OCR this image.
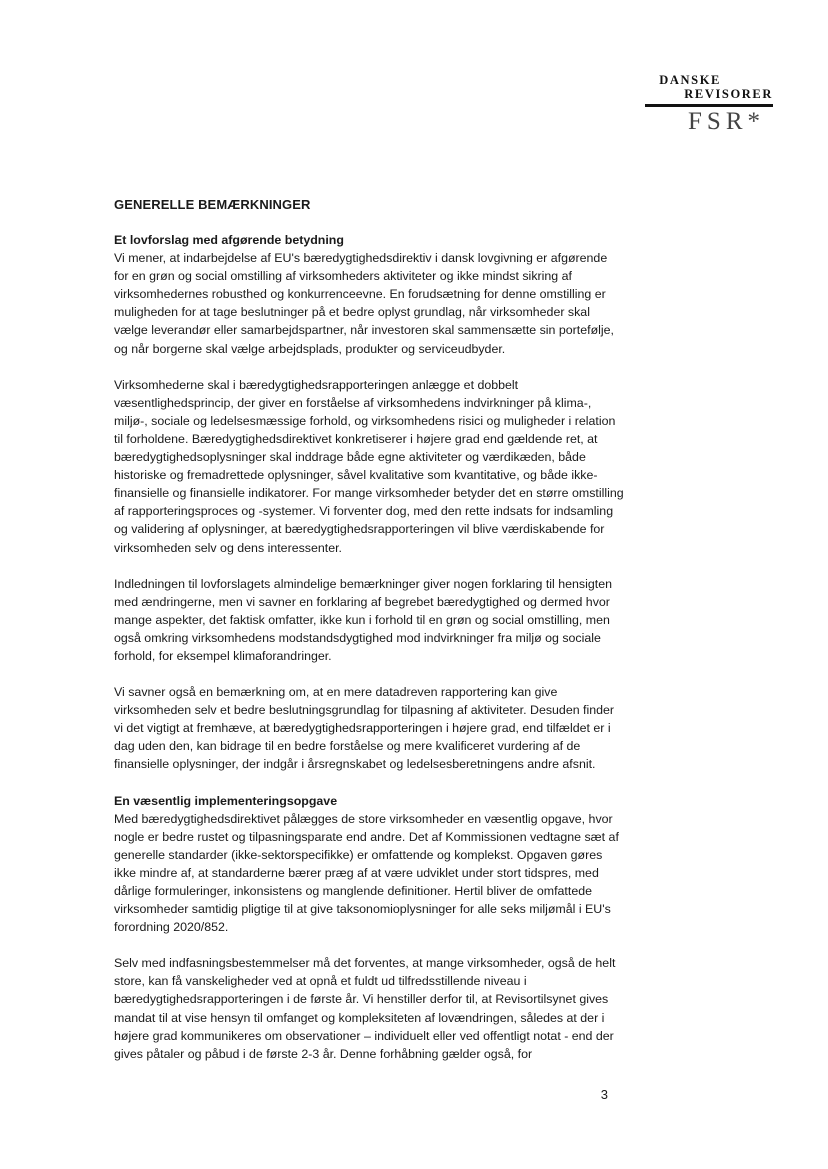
DANSKE
REVISORER
FSR*
GENERELLE BEMÆRKNINGER
Et lovforslag med afgørende betydning

Vi mener, at indarbejdelse af EU's bæredygtighedsdirektiv i dansk lovgivning er afgørende for en grøn og social omstilling af virksomheders aktiviteter og ikke mindst sikring af virksomhedernes robusthed og konkurrenceevne. En forudsætning for denne omstilling er muligheden for at tage beslutninger på et bedre oplyst grundlag, når virksomheder skal vælge leverandør eller samarbejdspartner, når investoren skal sammensætte sin portefølje, og når borgerne skal vælge arbejdsplads, produkter og serviceudbyder.

Virksomhederne skal i bæredygtighedsrapporteringen anlægge et dobbelt væsentlighedsprincip, der giver en forståelse af virksomhedens indvirkninger på klima-, miljø-, sociale og ledelsesmæssige forhold, og virksomhedens risici og muligheder i relation til forholdene. Bæredygtighedsdirektivet konkretiserer i højere grad end gældende ret, at bæredygtighedsoplysninger skal inddrage både egne aktiviteter og værdikæden, både historiske og fremadrettede oplysninger, såvel kvalitative som kvantitative, og både ikke-finansielle og finansielle indikatorer. For mange virksomheder betyder det en større omstilling af rapporteringsproces og -systemer. Vi forventer dog, med den rette indsats for indsamling og validering af oplysninger, at bæredygtighedsrapporteringen vil blive værdiskabende for virksomheden selv og dens interessenter.

Indledningen til lovforslagets almindelige bemærkninger giver nogen forklaring til hensigten med ændringerne, men vi savner en forklaring af begrebet bæredygtighed og dermed hvor mange aspekter, det faktisk omfatter, ikke kun i forhold til en grøn og social omstilling, men også omkring virksomhedens modstandsdygtighed mod indvirkninger fra miljø og sociale forhold, for eksempel klimaforandringer.

Vi savner også en bemærkning om, at en mere datadreven rapportering kan give virksomheden selv et bedre beslutningsgrundlag for tilpasning af aktiviteter. Desuden finder vi det vigtigt at fremhæve, at bæredygtighedsrapporteringen i højere grad, end tilfældet er i dag uden den, kan bidrage til en bedre forståelse og mere kvalificeret vurdering af de finansielle oplysninger, der indgår i årsregnskabet og ledelsesberetningens andre afsnit.

En væsentlig implementeringsopgave

Med bæredygtighedsdirektivet pålægges de store virksomheder en væsentlig opgave, hvor nogle er bedre rustet og tilpasningsparate end andre. Det af Kommissionen vedtagne sæt af generelle standarder (ikke-sektorspecifikke) er omfattende og komplekst. Opgaven gøres ikke mindre af, at standarderne bærer præg af at være udviklet under stort tidspres, med dårlige formuleringer, inkonsistens og manglende definitioner. Hertil bliver de omfattede virksomheder samtidig pligtige til at give taksonomioplysninger for alle seks miljømål i EU's forordning 2020/852.

Selv med indfasningsbestemmelser må det forventes, at mange virksomheder, også de helt store, kan få vanskeligheder ved at opnå et fuldt ud tilfredsstillende niveau i bæredygtighedsrapporteringen i de første år. Vi henstiller derfor til, at Revisortilsynet gives mandat til at vise hensyn til omfanget og kompleksiteten af lovændringen, således at der i højere grad kommunikeres om observationer – individuelt eller ved offentligt notat - end der gives påtaler og påbud i de første 2-3 år. Denne forhåbning gælder også, for

3
